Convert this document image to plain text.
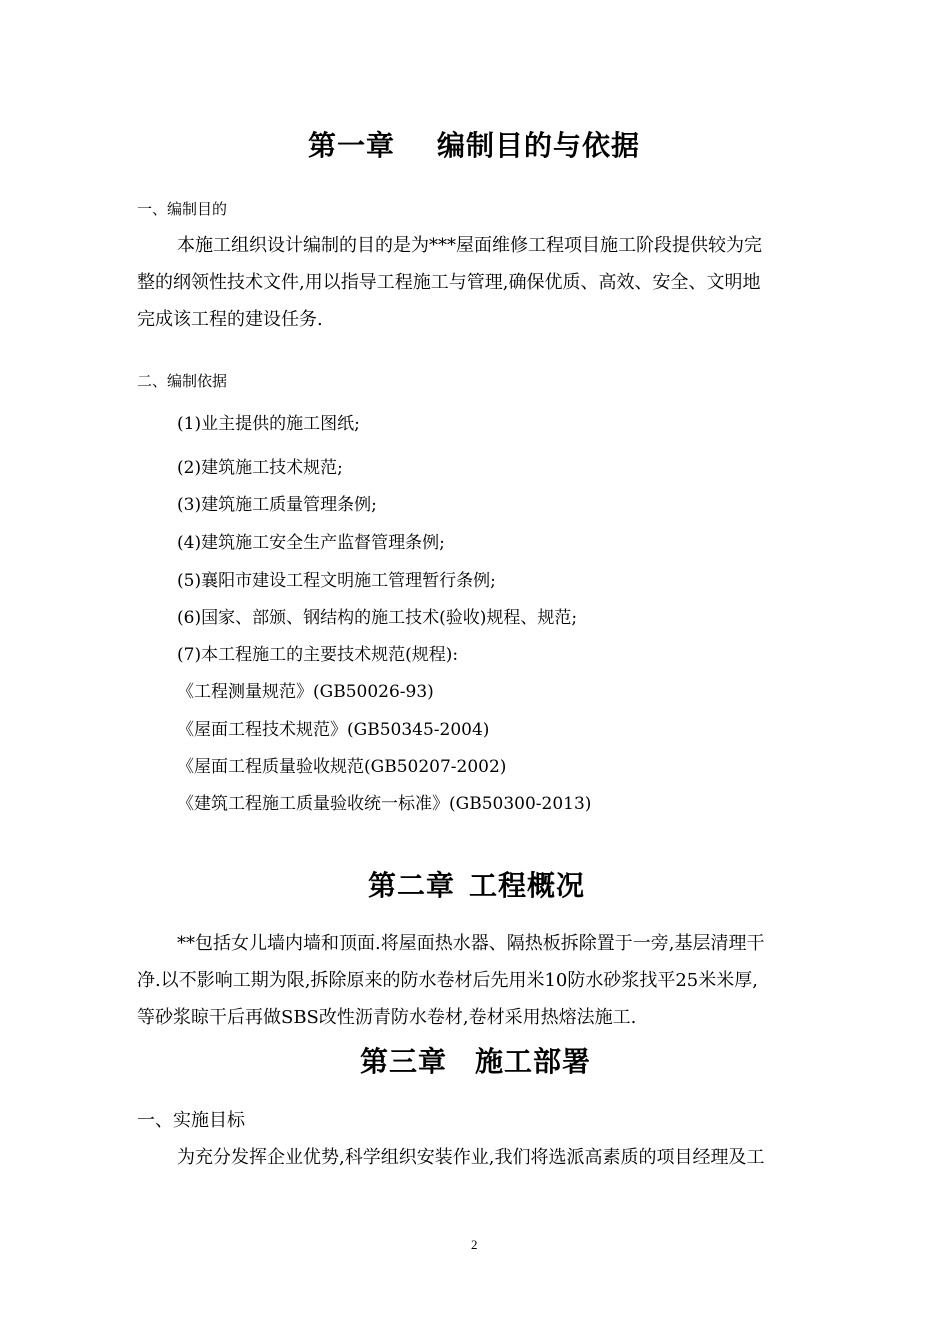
第一章 编制目的与依据
一、编制目的
本施工组织设计编制的目的是为***屋面维修工程项目施工阶段提供较为完
整的纲领性技术文件,用以指导工程施工与管理,确保优质、高效、安全、文明地
完成该工程的建设任务.
二、编制依据
(1)业主提供的施工图纸;
(2)建筑施工技术规范;
(3)建筑施工质量管理条例;
(4)建筑施工安全生产监督管理条例;
(5)襄阳市建设工程文明施工管理暂行条例;
(6)国家、部颁、钢结构的施工技术(验收)规程、规范;
(7)本工程施工的主要技术规范(规程):
《工程测量规范》(GB50026-93)
《屋面工程技术规范》(GB50345-2004)
《屋面工程质量验收规范(GB50207-2002)
《建筑工程施工质量验收统一标准》(GB50300-2013)
第二章 工程概况
**包括女儿墙内墙和顶面.将屋面热水器、隔热板拆除置于一旁,基层清理干
净.以不影响工期为限,拆除原来的防水卷材后先用米10防水砂浆找平25米米厚,
等砂浆晾干后再做SBS改性沥青防水卷材,卷材采用热熔法施工.
第三章 施工部署
一、实施目标
为充分发挥企业优势,科学组织安装作业,我们将选派高素质的项目经理及工
2
